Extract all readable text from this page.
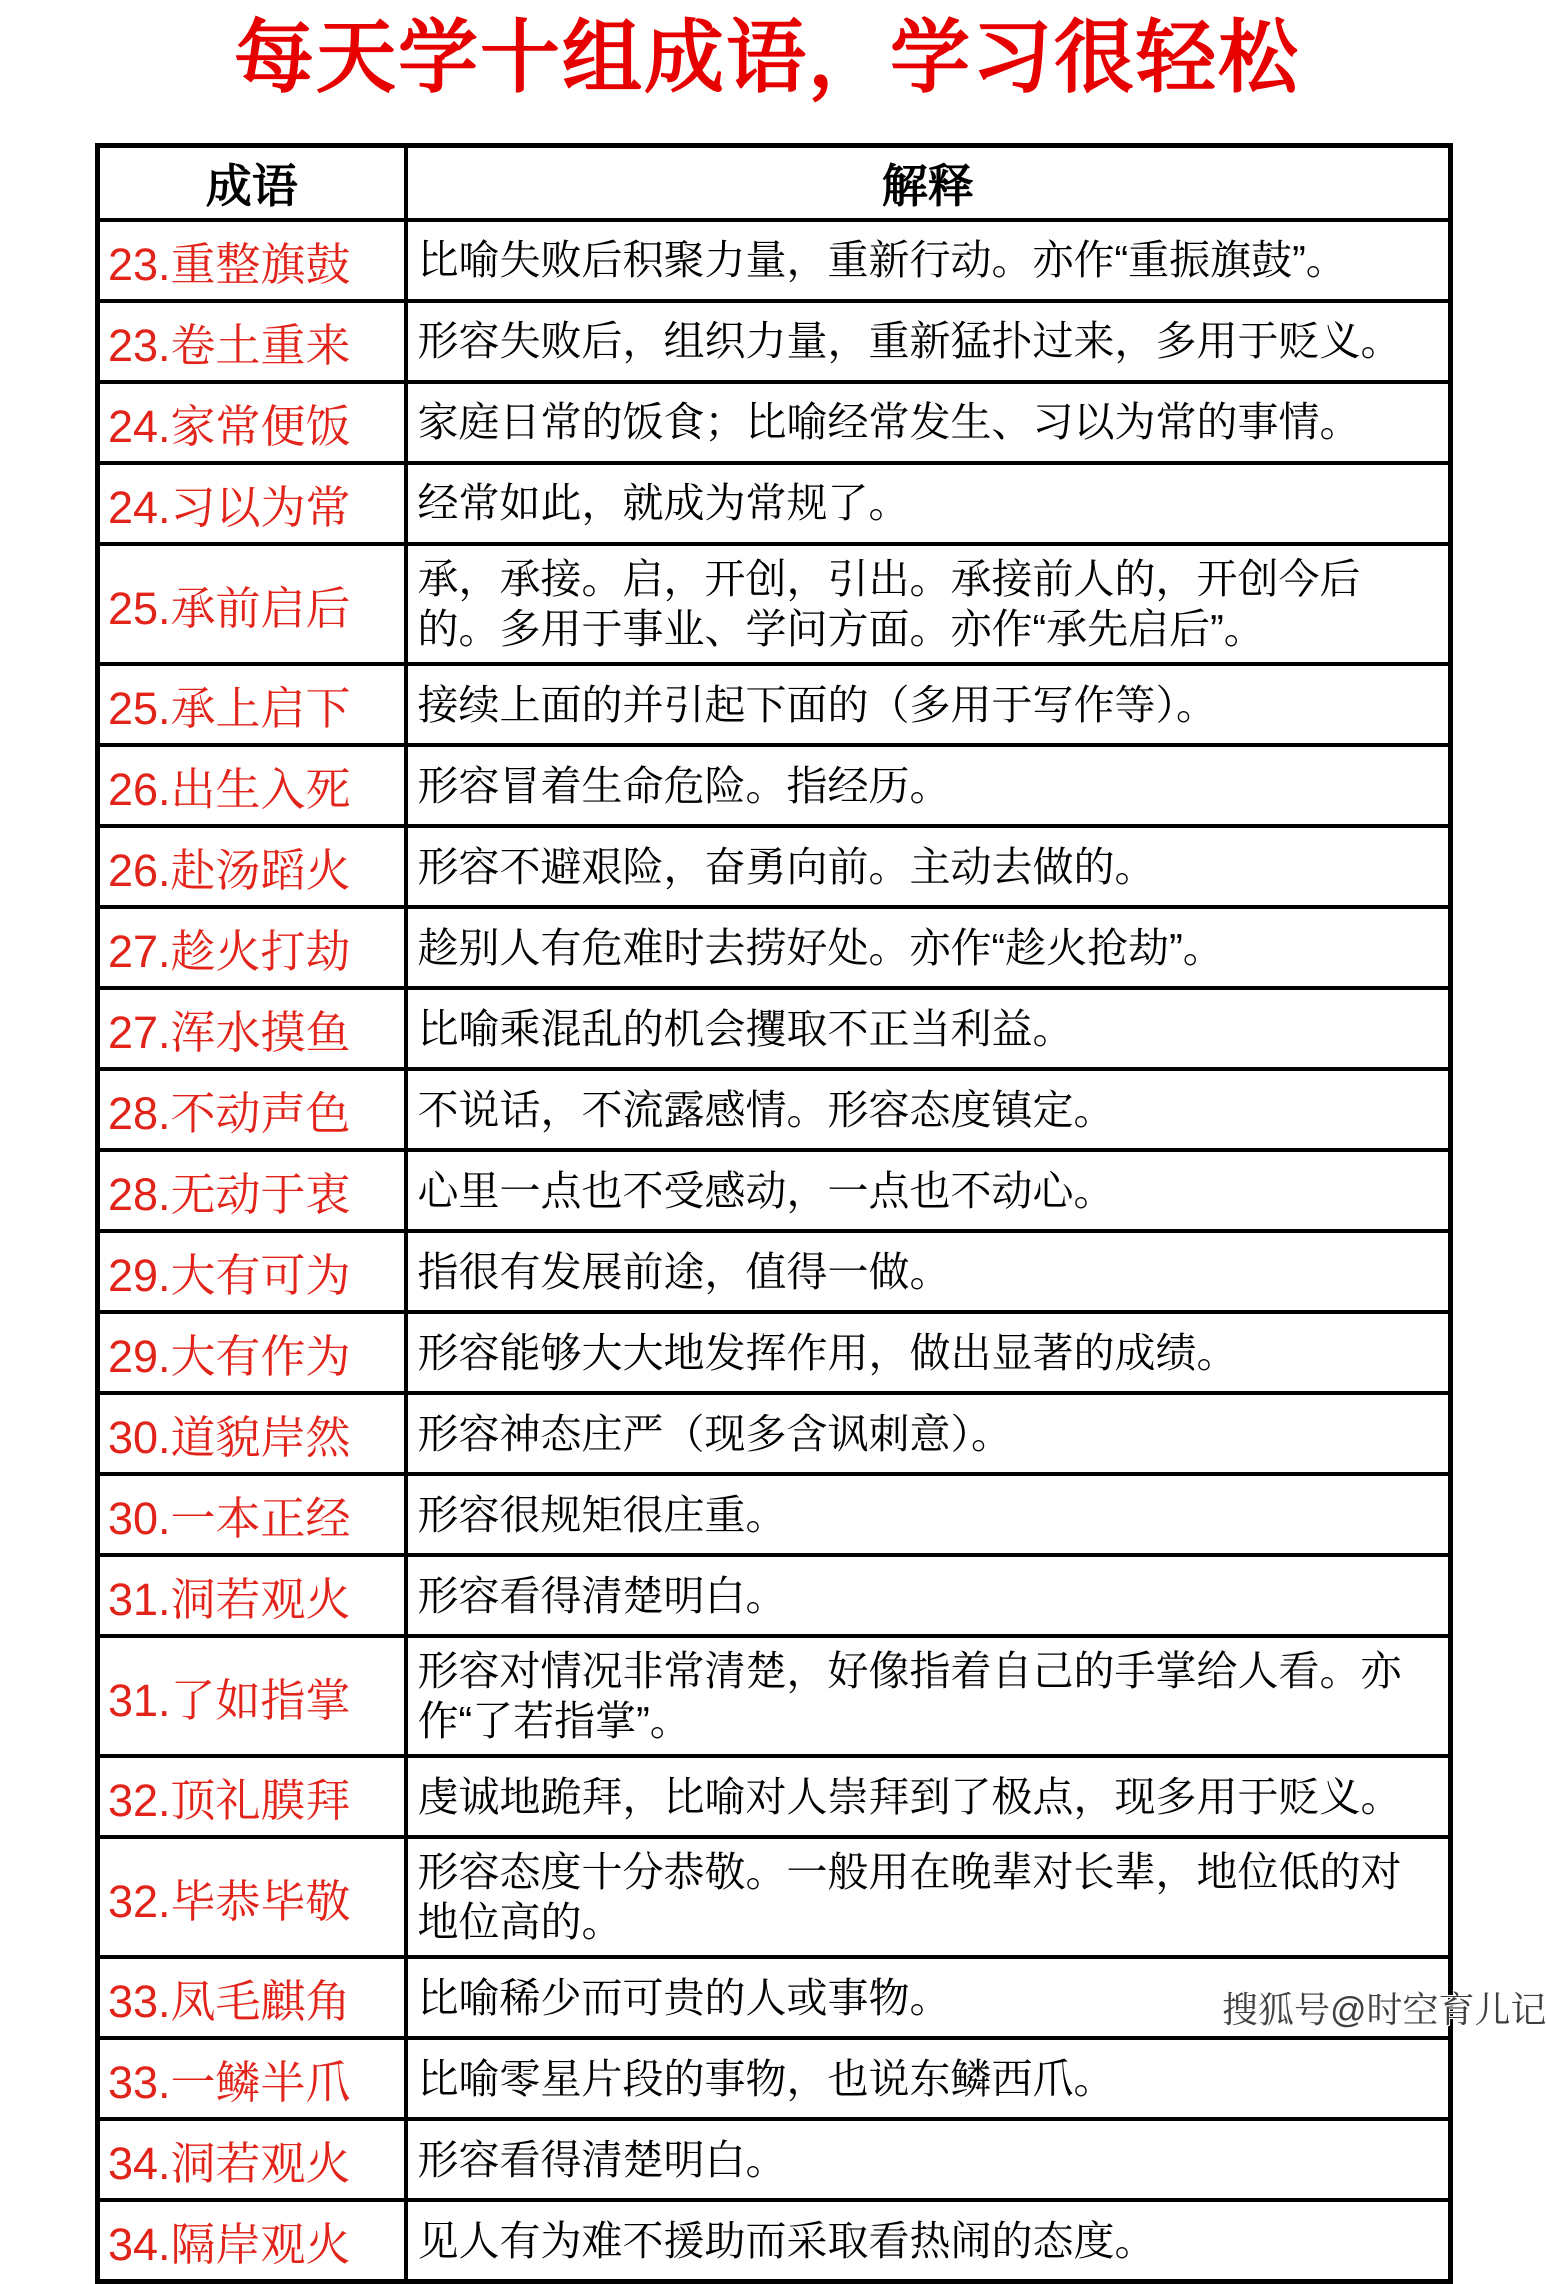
每天学十组成语，学习很轻松
成语	解释
23.重整旗鼓	比喻失败后积聚力量，重新行动。亦作“重振旗鼓”。
23.卷土重来	形容失败后，组织力量，重新猛扑过来，多用于贬义。
24.家常便饭	家庭日常的饭食；比喻经常发生、习以为常的事情。
24.习以为常	经常如此，就成为常规了。
25.承前启后	承，承接。启，开创，引出。承接前人的，开创今后的。多用于事业、学问方面。亦作“承先启后”。
25.承上启下	接续上面的并引起下面的（多用于写作等）。
26.出生入死	形容冒着生命危险。指经历。
26.赴汤蹈火	形容不避艰险，奋勇向前。主动去做的。
27.趁火打劫	趁别人有危难时去捞好处。亦作“趁火抢劫”。
27.浑水摸鱼	比喻乘混乱的机会攫取不正当利益。
28.不动声色	不说话，不流露感情。形容态度镇定。
28.无动于衷	心里一点也不受感动，一点也不动心。
29.大有可为	指很有发展前途，值得一做。
29.大有作为	形容能够大大地发挥作用，做出显著的成绩。
30.道貌岸然	形容神态庄严（现多含讽刺意）。
30.一本正经	形容很规矩很庄重。
31.洞若观火	形容看得清楚明白。
31.了如指掌	形容对情况非常清楚，好像指着自己的手掌给人看。亦作“了若指掌”。
32.顶礼膜拜	虔诚地跪拜，比喻对人崇拜到了极点，现多用于贬义。
32.毕恭毕敬	形容态度十分恭敬。一般用在晚辈对长辈，地位低的对地位高的。
33.凤毛麒角	比喻稀少而可贵的人或事物。
33.一鳞半爪	比喻零星片段的事物，也说东鳞西爪。
34.洞若观火	形容看得清楚明白。
34.隔岸观火	见人有为难不援助而采取看热闹的态度。
搜狐号@时空育儿记
